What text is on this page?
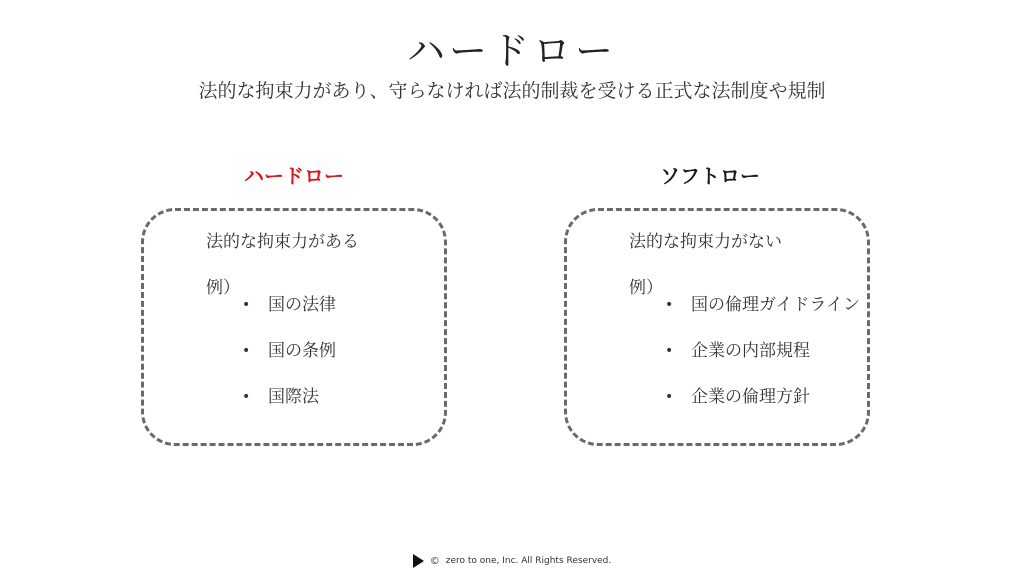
ハードロー
法的な拘束力があり、守らなければ法的制裁を受ける正式な法制度や規制
ハードロー	ソフトロー
法的な拘束力がある
例）
• 国の法律
• 国の条例
• 国際法
法的な拘束力がない
例）
• 国の倫理ガイドライン
• 企業の内部規程
• 企業の倫理方針
© zero to one, Inc. All Rights Reserved.
